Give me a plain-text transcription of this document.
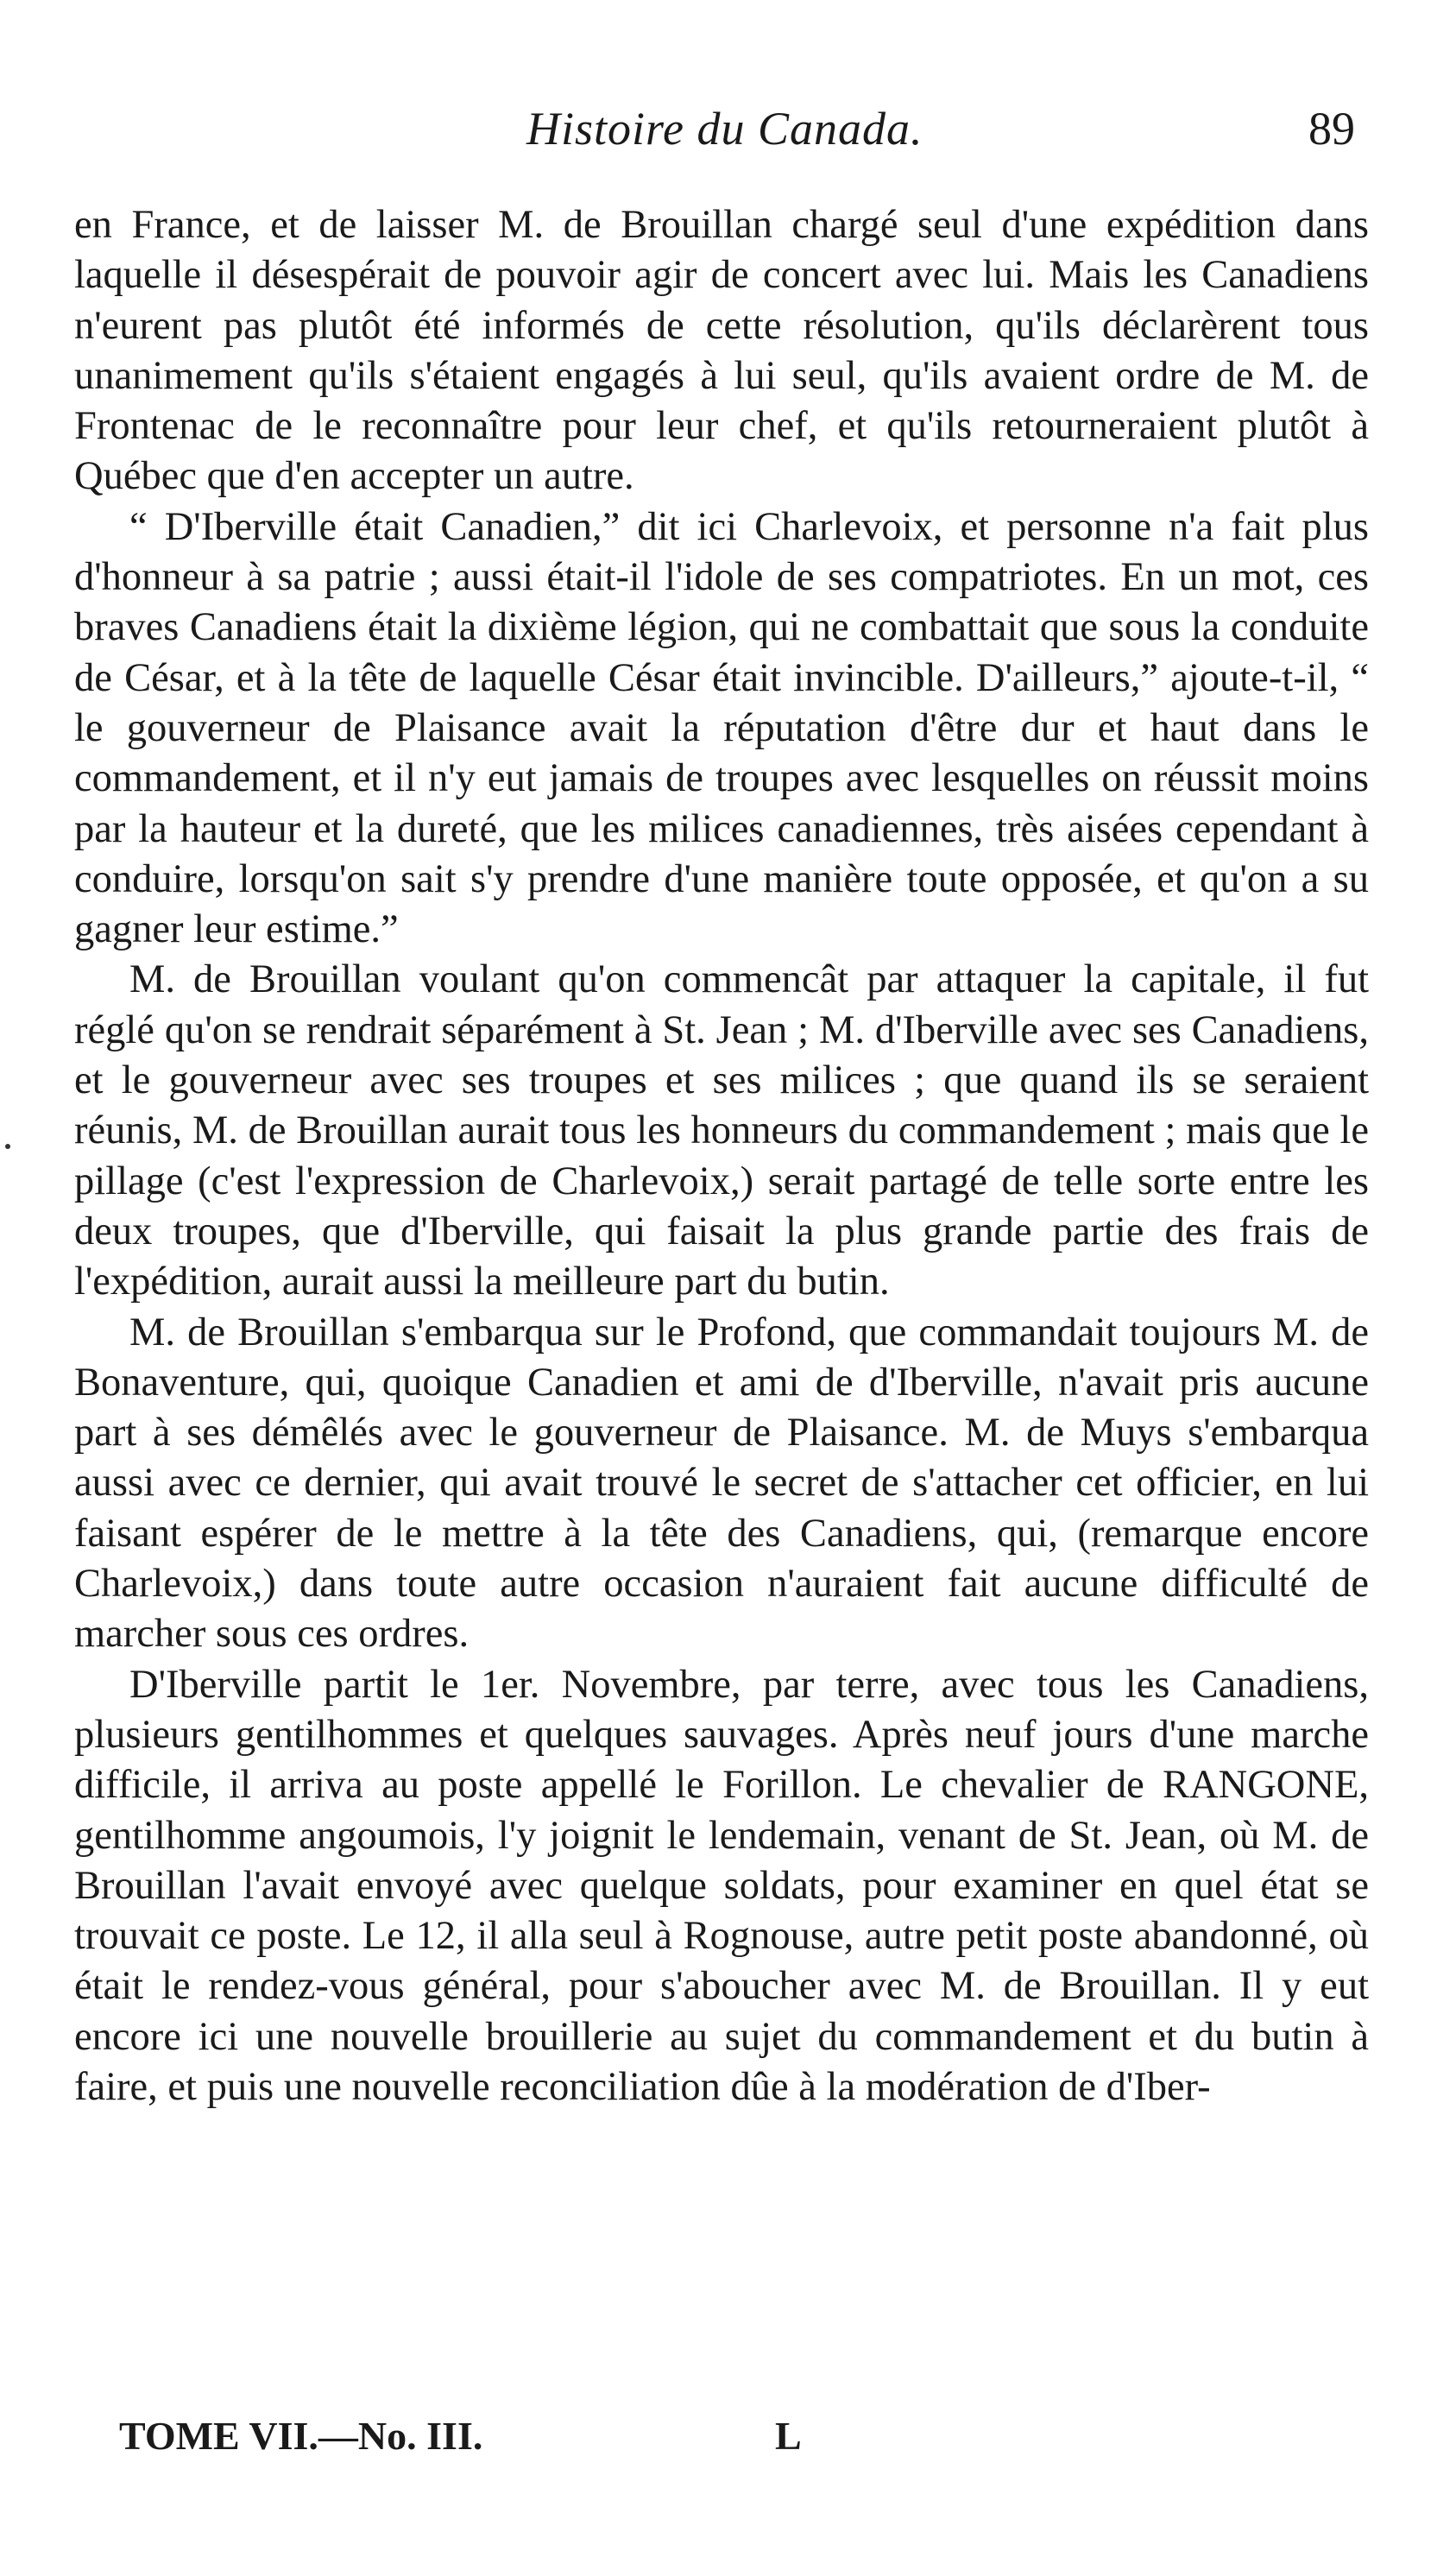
Histoire du Canada.	89

en France, et de laisser M. de Brouillan chargé seul d'une expédition dans laquelle il désespérait de pouvoir agir de concert avec lui. Mais les Canadiens n'eurent pas plutôt été informés de cette résolution, qu'ils déclarèrent tous unanimement qu'ils s'étaient engagés à lui seul, qu'ils avaient ordre de M. de Frontenac de le reconnaître pour leur chef, et qu'ils retourneraient plutôt à Québec que d'en accepter un autre.

“ D'Iberville était Canadien,” dit ici Charlevoix, et personne n'a fait plus d'honneur à sa patrie ; aussi était-il l'idole de ses compatriotes. En un mot, ces braves Canadiens était la dixième légion, qui ne combattait que sous la conduite de César, et à la tête de laquelle César était invincible. D'ailleurs,” ajoute-t-il, “ le gouverneur de Plaisance avait la réputation d'être dur et haut dans le commandement, et il n'y eut jamais de troupes avec lesquelles on réussit moins par la hauteur et la dureté, que les milices canadiennes, très aisées cependant à conduire, lorsqu'on sait s'y prendre d'une manière toute opposée, et qu'on a su gagner leur estime.”

M. de Brouillan voulant qu'on commencât par attaquer la capitale, il fut réglé qu'on se rendrait séparément à St. Jean ; M. d'Iberville avec ses Canadiens, et le gouverneur avec ses troupes et ses milices ; que quand ils se seraient réunis, M. de Brouillan aurait tous les honneurs du commandement ; mais que le pillage (c'est l'expression de Charlevoix,) serait partagé de telle sorte entre les deux troupes, que d'Iberville, qui faisait la plus grande partie des frais de l'expédition, aurait aussi la meilleure part du butin.

M. de Brouillan s'embarqua sur le Profond, que commandait toujours M. de Bonaventure, qui, quoique Canadien et ami de d'Iberville, n'avait pris aucune part à ses démêlés avec le gouverneur de Plaisance. M. de Muys s'embarqua aussi avec ce dernier, qui avait trouvé le secret de s'attacher cet officier, en lui faisant espérer de le mettre à la tête des Canadiens, qui, (remarque encore Charlevoix,) dans toute autre occasion n'auraient fait aucune difficulté de marcher sous ces ordres.

D'Iberville partit le 1er. Novembre, par terre, avec tous les Canadiens, plusieurs gentilhommes et quelques sauvages. Après neuf jours d'une marche difficile, il arriva au poste appellé le Forillon. Le chevalier de RANGONE, gentilhomme angoumois, l'y joignit le lendemain, venant de St. Jean, où M. de Brouillan l'avait envoyé avec quelque soldats, pour examiner en quel état se trouvait ce poste. Le 12, il alla seul à Rognouse, autre petit poste abandonné, où était le rendez-vous général, pour s'aboucher avec M. de Brouillan. Il y eut encore ici une nouvelle brouillerie au sujet du commandement et du butin à faire, et puis une nouvelle reconciliation dûe à la modération de d'Iber-

TOME VII.—No. III.	L
